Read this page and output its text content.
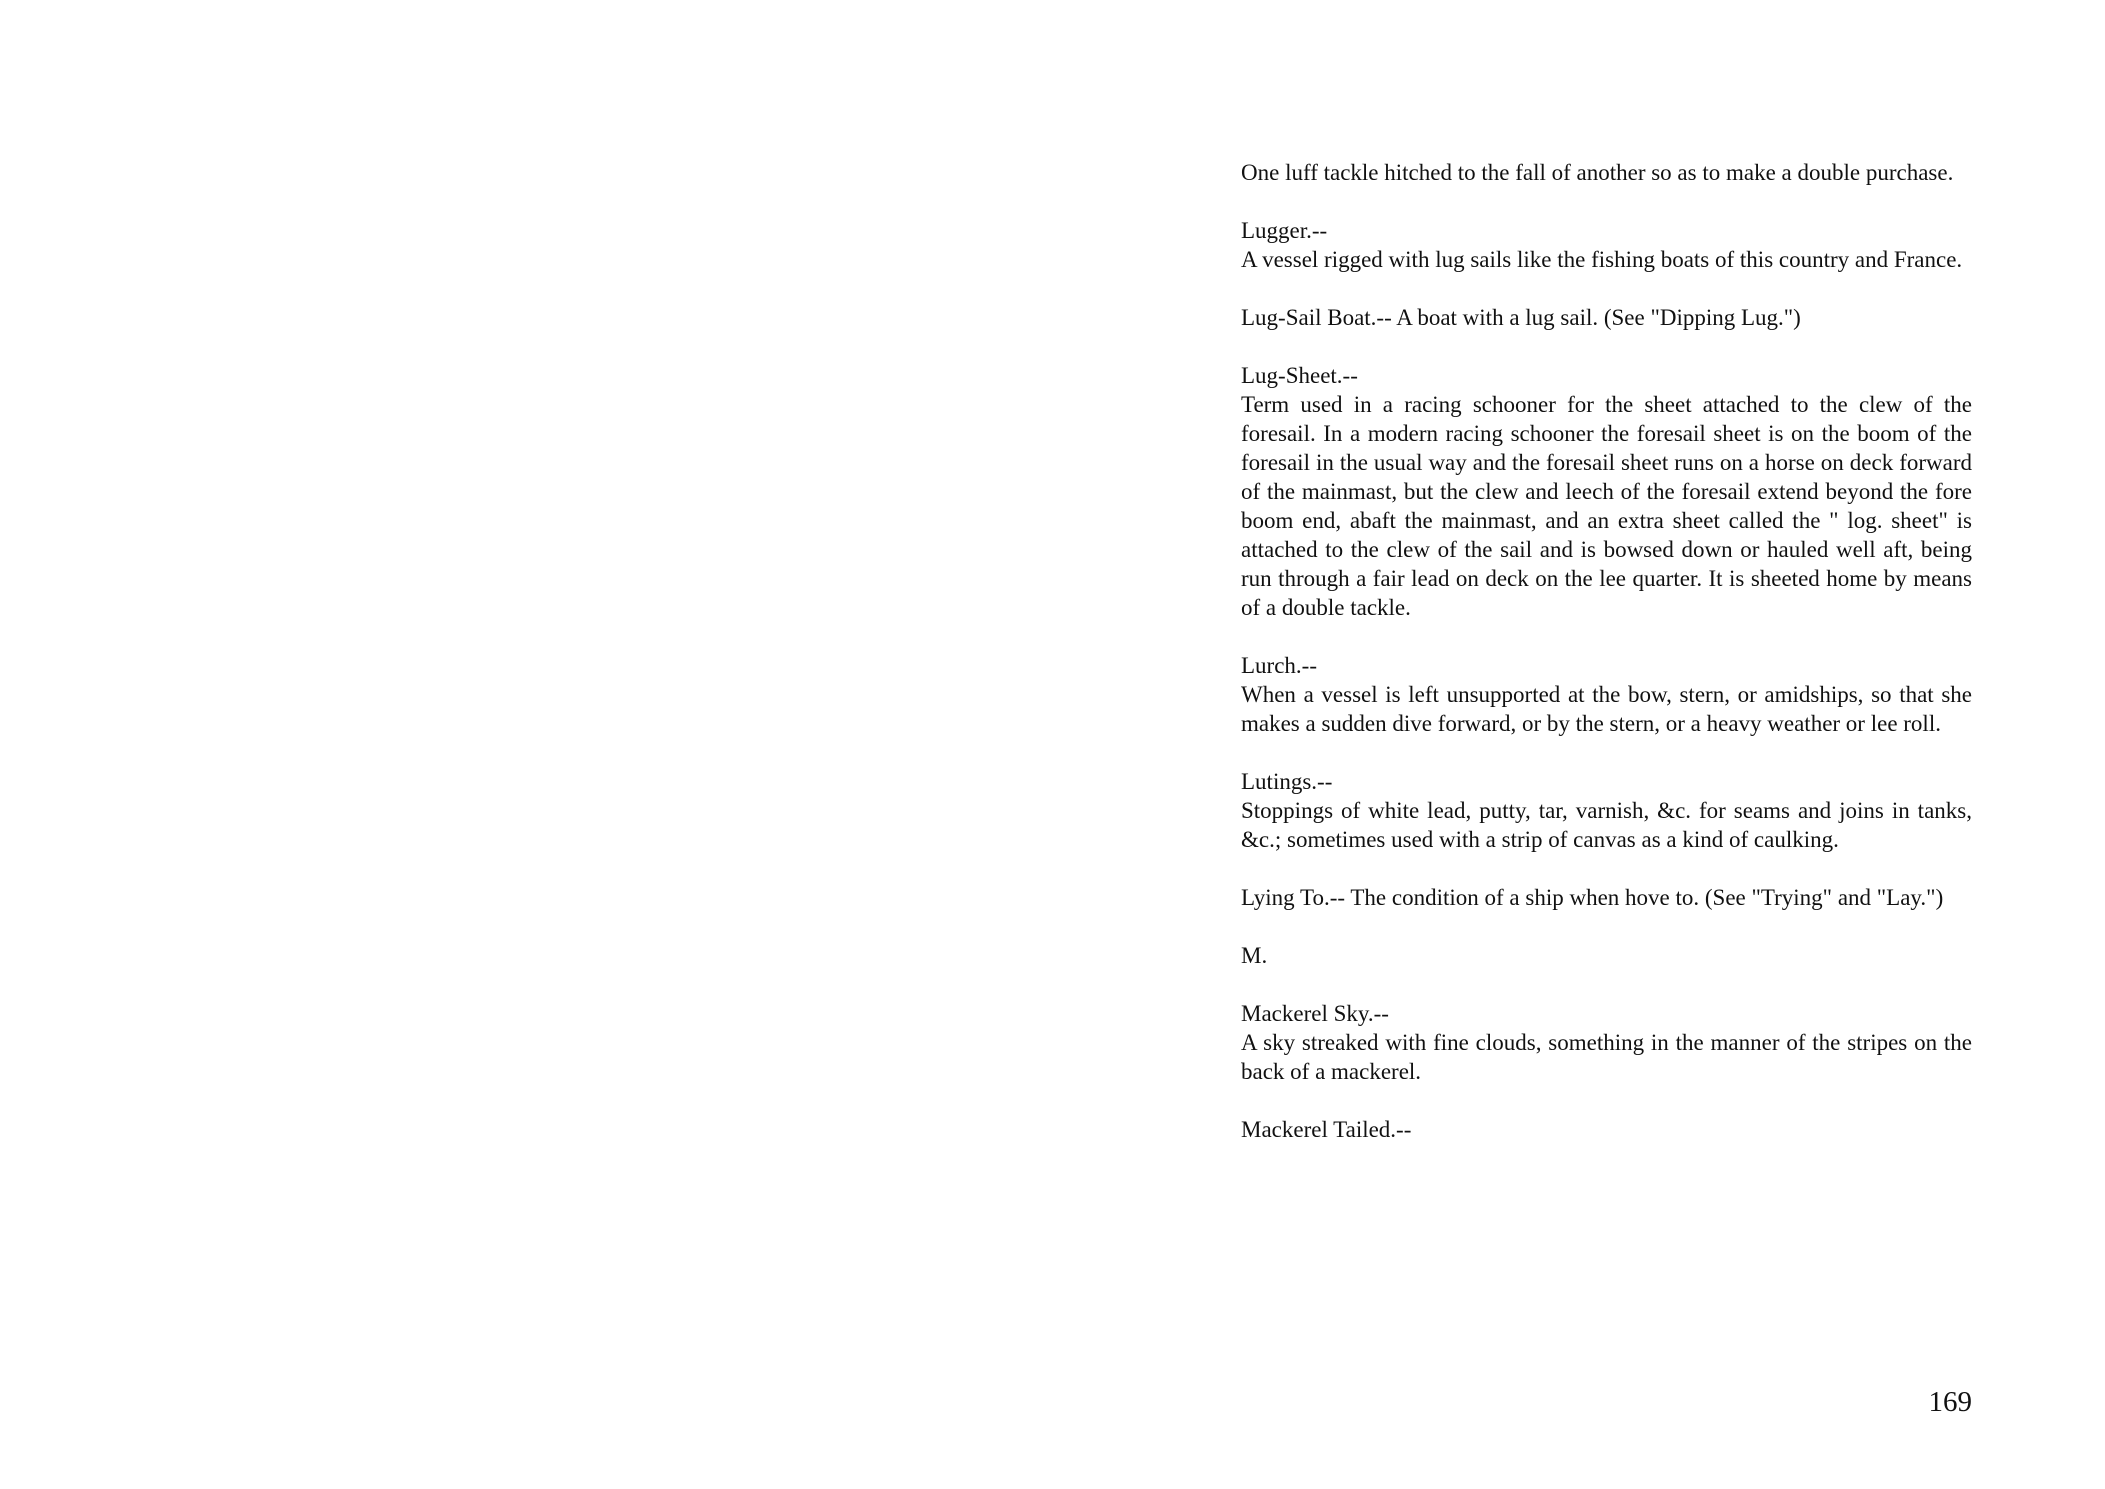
One luff tackle hitched to the fall of another so as to make a double purchase.

Lugger.--
A vessel rigged with lug sails like the fishing boats of this country and France.

Lug-Sail Boat.-- A boat with a lug sail. (See "Dipping Lug.")

Lug-Sheet.--
Term used in a racing schooner for the sheet attached to the clew of the foresail. In a modern racing schooner the foresail sheet is on the boom of the foresail in the usual way and the foresail sheet runs on a horse on deck forward of the mainmast, but the clew and leech of the foresail extend beyond the fore boom end, abaft the mainmast, and an extra sheet called the " log. sheet" is attached to the clew of the sail and is bowsed down or hauled well aft, being run through a fair lead on deck on the lee quarter. It is sheeted home by means of a double tackle.

Lurch.--
When a vessel is left unsupported at the bow, stern, or amidships, so that she makes a sudden dive forward, or by the stern, or a heavy weather or lee roll.

Lutings.--
Stoppings of white lead, putty, tar, varnish, &c. for seams and joins in tanks, &c.; sometimes used with a strip of canvas as a kind of caulking.

Lying To.-- The condition of a ship when hove to. (See "Trying" and "Lay.")

M.

Mackerel Sky.--
A sky streaked with fine clouds, something in the manner of the stripes on the back of a mackerel.

Mackerel Tailed.--

169
